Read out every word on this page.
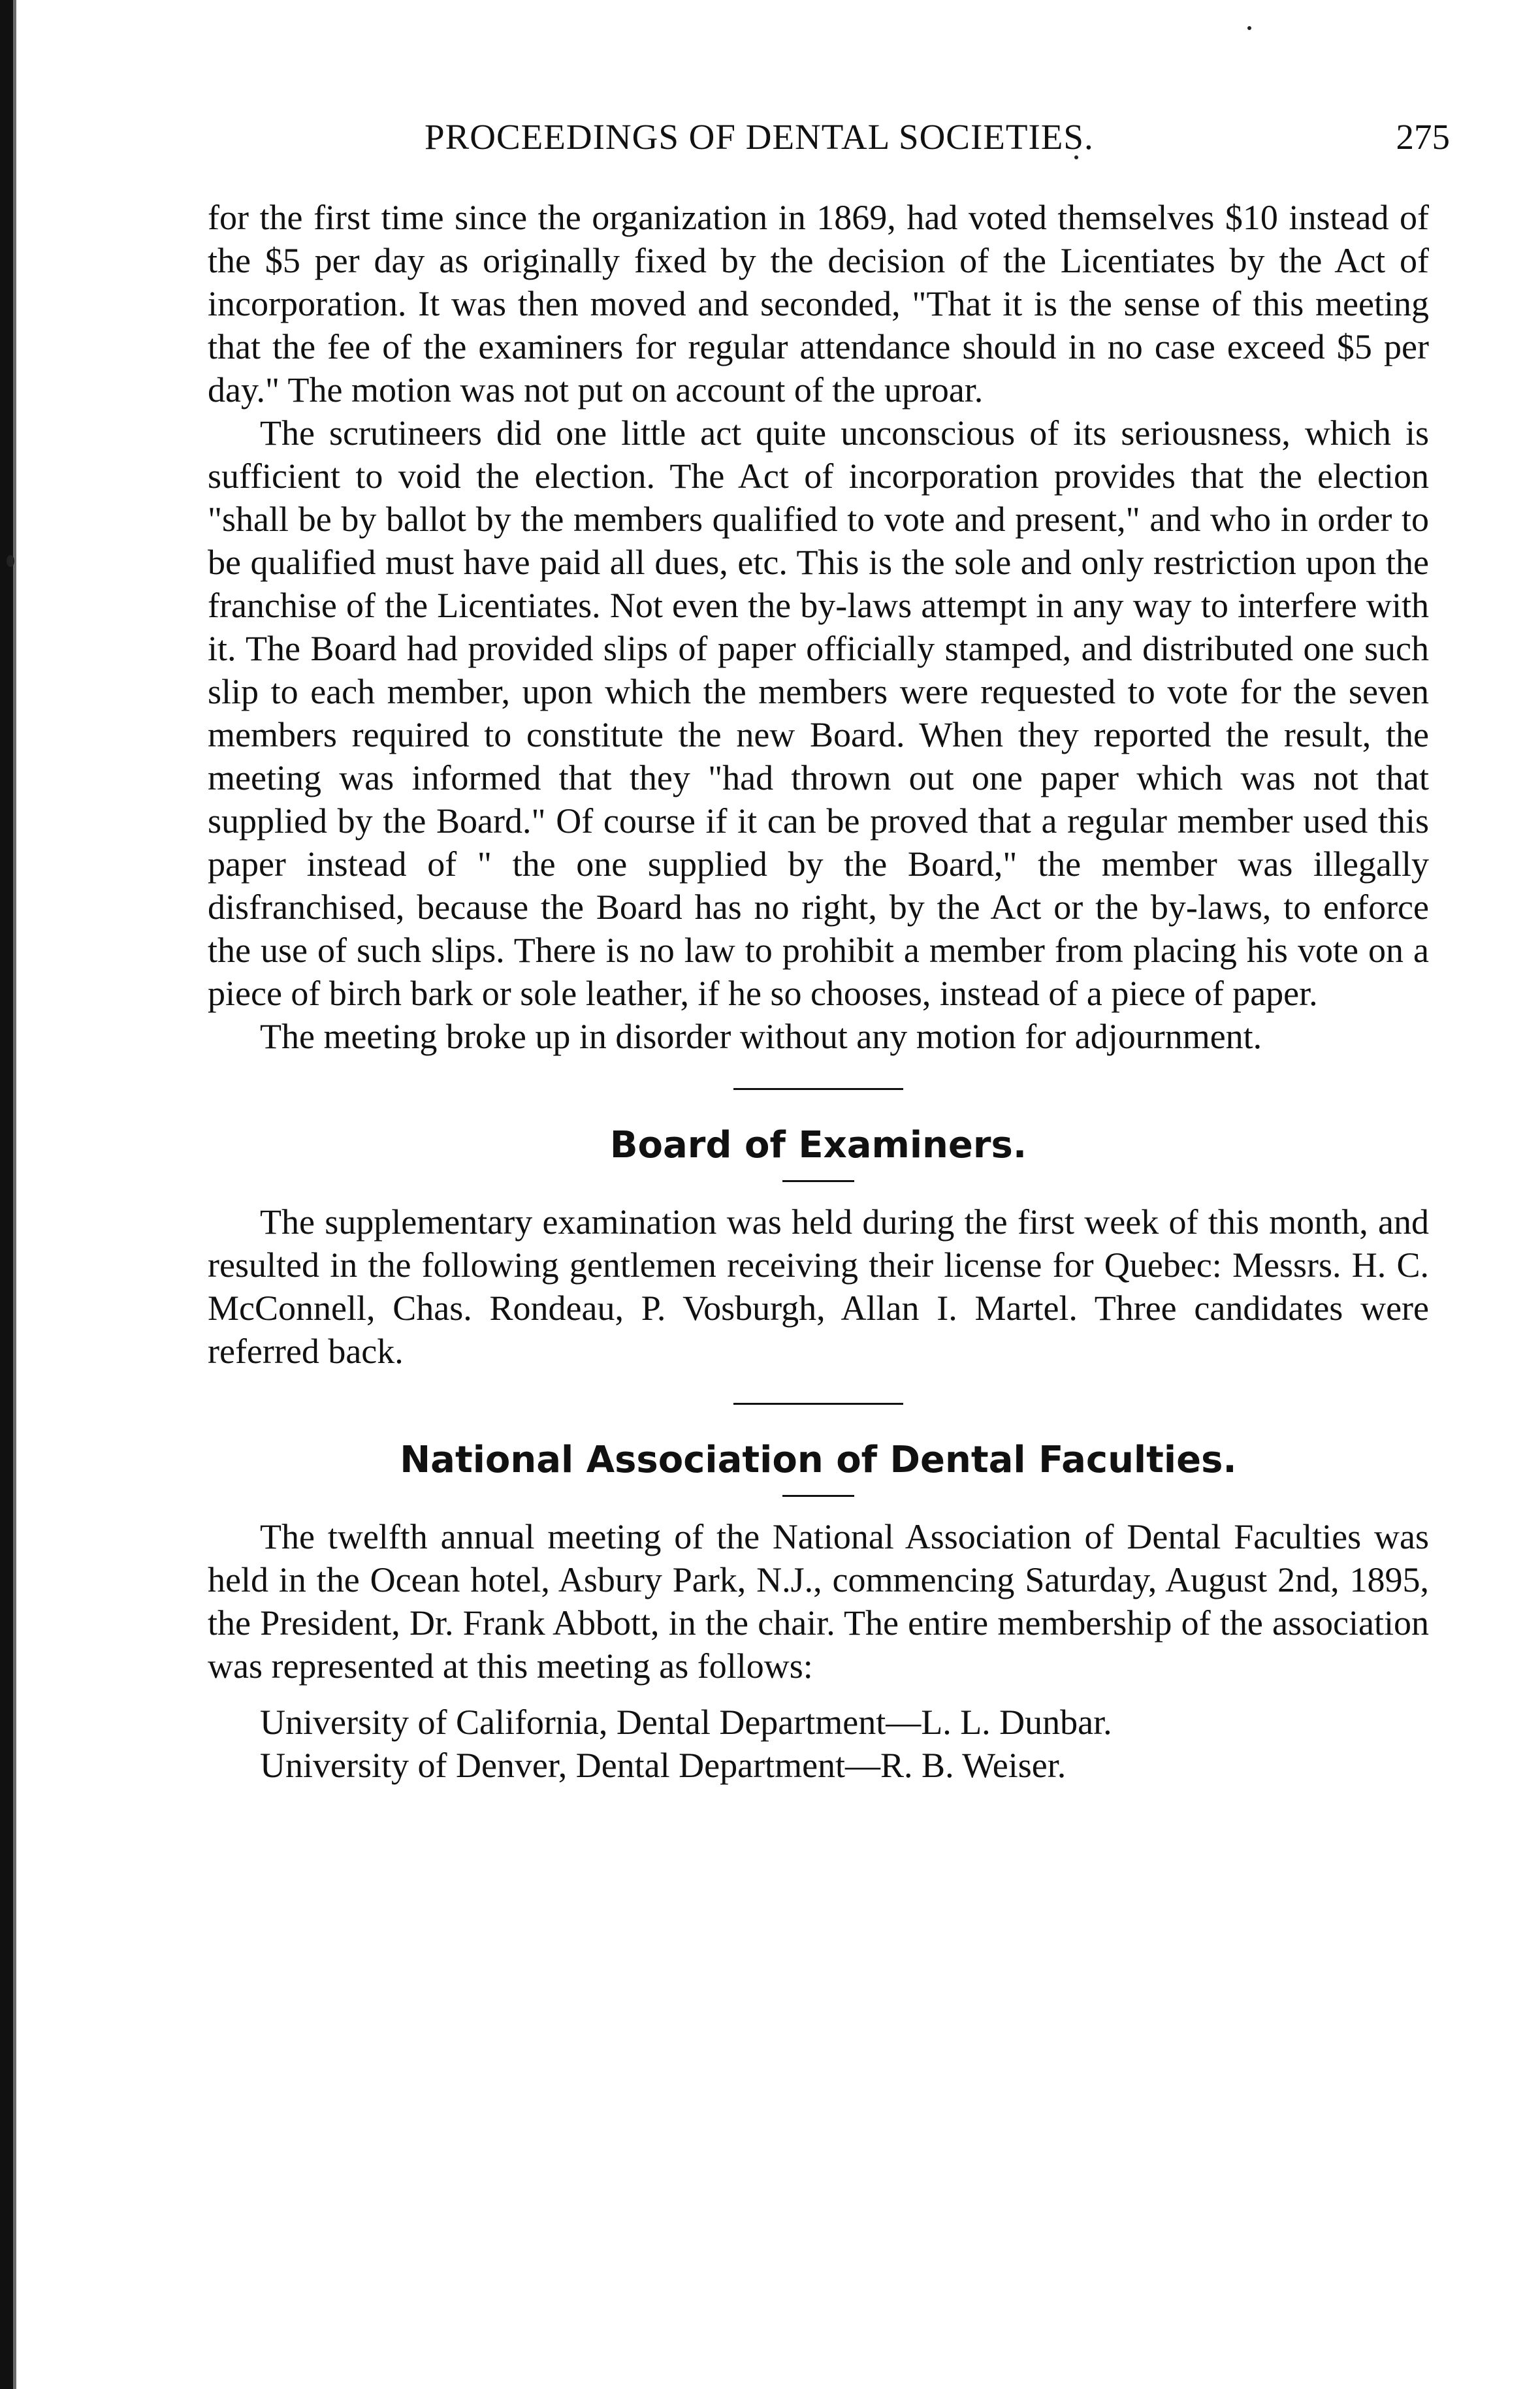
PROCEEDINGS OF DENTAL SOCIETIES.	275

for the first time since the organization in 1869, had voted themselves $10 instead of the $5 per day as originally fixed by the decision of the Licentiates by the Act of incorporation. It was then moved and seconded, "That it is the sense of this meeting that the fee of the examiners for regular attendance should in no case exceed $5 per day." The motion was not put on account of the uproar.

The scrutineers did one little act quite unconscious of its seriousness, which is sufficient to void the election. The Act of incorporation provides that the election "shall be by ballot by the members qualified to vote and present," and who in order to be qualified must have paid all dues, etc. This is the sole and only restriction upon the franchise of the Licentiates. Not even the by-laws attempt in any way to interfere with it. The Board had provided slips of paper officially stamped, and distributed one such slip to each member, upon which the members were requested to vote for the seven members required to constitute the new Board. When they reported the result, the meeting was informed that they "had thrown out one paper which was not that supplied by the Board." Of course if it can be proved that a regular member used this paper instead of " the one supplied by the Board," the member was illegally disfranchised, because the Board has no right, by the Act or the by-laws, to enforce the use of such slips. There is no law to prohibit a member from placing his vote on a piece of birch bark or sole leather, if he so chooses, instead of a piece of paper.

The meeting broke up in disorder without any motion for adjournment.

Board of Examiners.

The supplementary examination was held during the first week of this month, and resulted in the following gentlemen receiving their license for Quebec: Messrs. H. C. McConnell, Chas. Rondeau, P. Vosburgh, Allan I. Martel. Three candidates were referred back.

National Association of Dental Faculties.

The twelfth annual meeting of the National Association of Dental Faculties was held in the Ocean hotel, Asbury Park, N.J., commencing Saturday, August 2nd, 1895, the President, Dr. Frank Abbott, in the chair. The entire membership of the association was represented at this meeting as follows:

University of California, Dental Department—L. L. Dunbar.

University of Denver, Dental Department—R. B. Weiser.
